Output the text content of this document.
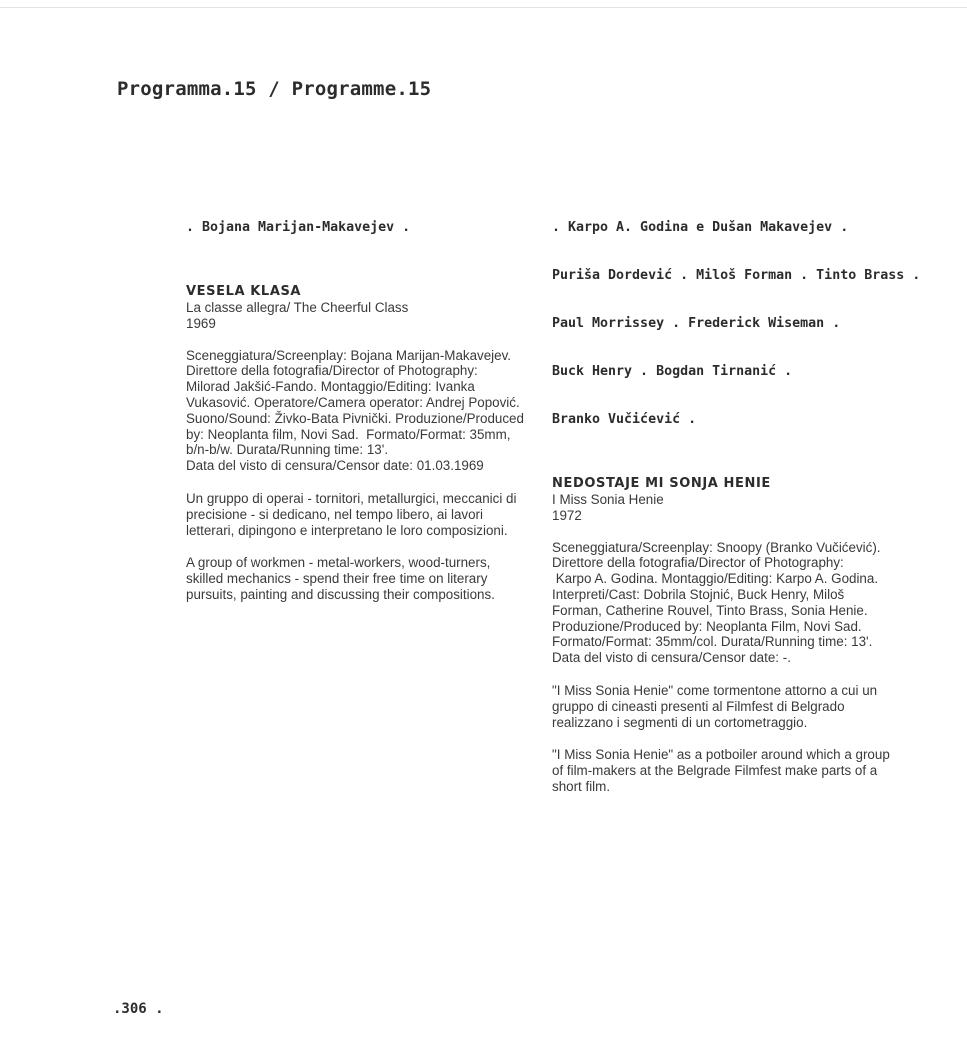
Programma.15 / Programme.15

. Bojana Marijan-Makavejev .

VESELA KLASA
La classe allegra/ The Cheerful Class
1969
Sceneggiatura/Screenplay: Bojana Marijan-Makavejev.
Direttore della fotografia/Director of Photography:
Milorad Jakšić-Fando. Montaggio/Editing: Ivanka
Vukasović. Operatore/Camera operator: Andrej Popović.
Suono/Sound: Živko-Bata Pivnički. Produzione/Produced
by: Neoplanta film, Novi Sad.  Formato/Format: 35mm,
b/n-b/w. Durata/Running time: 13'.
Data del visto di censura/Censor date: 01.03.1969
Un gruppo di operai - tornitori, metallurgici, meccanici di
precisione - si dedicano, nel tempo libero, ai lavori
letterari, dipingono e interpretano le loro composizioni.
A group of workmen - metal-workers, wood-turners,
skilled mechanics - spend their free time on literary
pursuits, painting and discussing their compositions.

. Karpo A. Godina e Dušan Makavejev .

Puriša Dordević . Miloš Forman . Tinto Brass .

Paul Morrissey . Frederick Wiseman .

Buck Henry . Bogdan Tirnanić .

Branko Vučićević .

NEDOSTAJE MI SONJA HENIE
I Miss Sonia Henie
1972
Sceneggiatura/Screenplay: Snoopy (Branko Vučićević).
Direttore della fotografia/Director of Photography:
Karpo A. Godina. Montaggio/Editing: Karpo A. Godina.
Interpreti/Cast: Dobrila Stojnić, Buck Henry, Miloš
Forman, Catherine Rouvel, Tinto Brass, Sonia Henie.
Produzione/Produced by: Neoplanta Film, Novi Sad.
Formato/Format: 35mm/col. Durata/Running time: 13'.
Data del visto di censura/Censor date: -.
"I Miss Sonia Henie" come tormentone attorno a cui un
gruppo di cineasti presenti al Filmfest di Belgrado
realizzano i segmenti di un cortometraggio.
"I Miss Sonia Henie" as a potboiler around which a group
of film-makers at the Belgrade Filmfest make parts of a
short film.
.306 .
